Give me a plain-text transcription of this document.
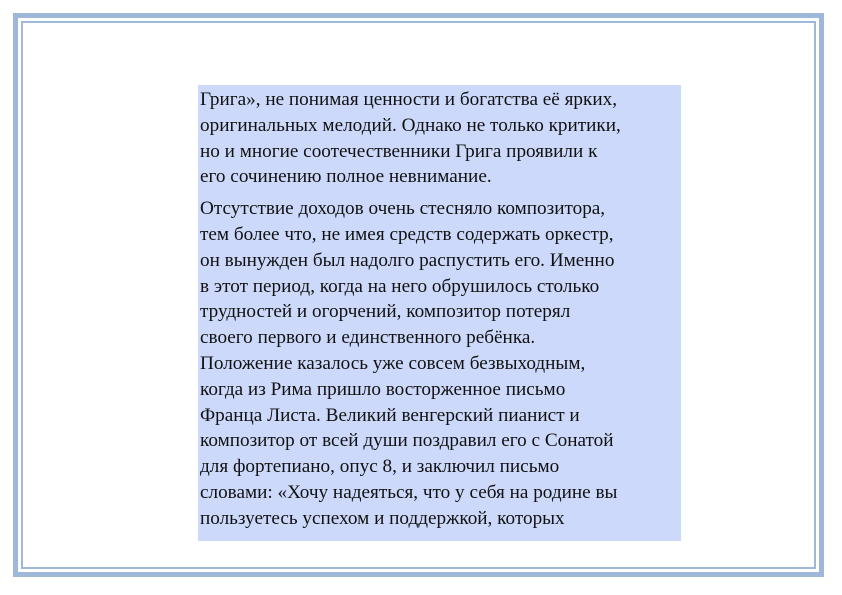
Грига», не понимая ценности и богатства её ярких,
оригинальных мелодий. Однако не только критики,
но и многие соотечественники Грига проявили к
его сочинению полное невнимание.

Отсутствие доходов очень стесняло композитора,
тем более что, не имея средств содержать оркестр,
он вынужден был надолго распустить его. Именно
в этот период, когда на него обрушилось столько
трудностей и огорчений, композитор потерял
своего первого и единственного ребёнка.
Положение казалось уже совсем безвыходным,
когда из Рима пришло восторженное письмо
Франца Листа. Великий венгерский пианист и
композитор от всей души поздравил его с Сонатой
для фортепиано, опус 8, и заключил письмо
словами: «Хочу надеяться, что у себя на родине вы
пользуетесь успехом и поддержкой, которых
